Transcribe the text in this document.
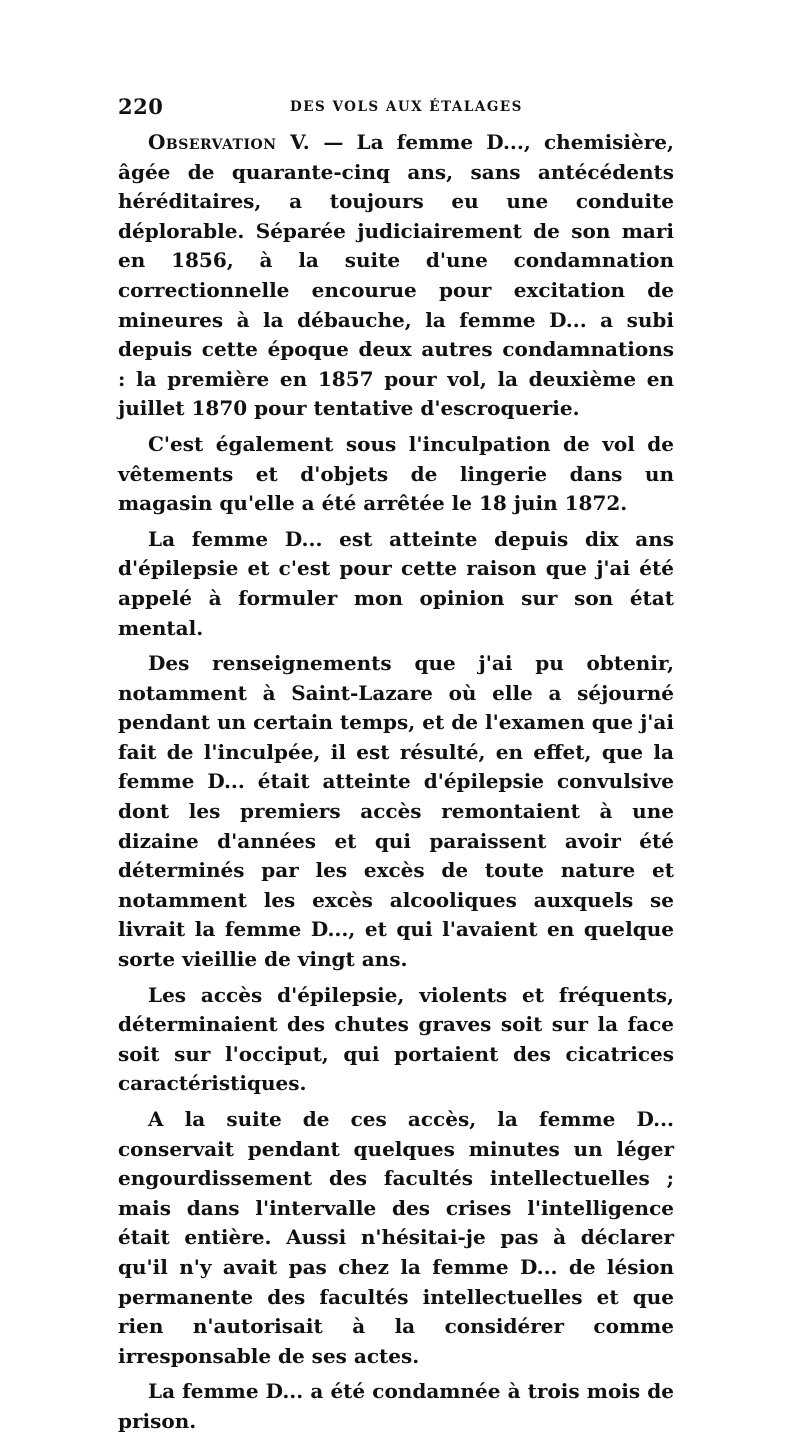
220	DES VOLS AUX ÉTALAGES

Observation V. — La femme D..., chemisière, âgée de quarante-cinq ans, sans antécédents héréditaires, a toujours eu une conduite déplorable. Séparée judiciairement de son mari en 1856, à la suite d'une condamnation correctionnelle encourue pour excitation de mineures à la débauche, la femme D... a subi depuis cette époque deux autres condamnations : la première en 1857 pour vol, la deuxième en juillet 1870 pour tentative d'escroquerie.

C'est également sous l'inculpation de vol de vêtements et d'objets de lingerie dans un magasin qu'elle a été arrêtée le 18 juin 1872.

La femme D... est atteinte depuis dix ans d'épilepsie et c'est pour cette raison que j'ai été appelé à formuler mon opinion sur son état mental.

Des renseignements que j'ai pu obtenir, notamment à Saint-Lazare où elle a séjourné pendant un certain temps, et de l'examen que j'ai fait de l'inculpée, il est résulté, en effet, que la femme D... était atteinte d'épilepsie convulsive dont les premiers accès remontaient à une dizaine d'années et qui paraissent avoir été déterminés par les excès de toute nature et notamment les excès alcooliques auxquels se livrait la femme D..., et qui l'avaient en quelque sorte vieillie de vingt ans.

Les accès d'épilepsie, violents et fréquents, déterminaient des chutes graves soit sur la face soit sur l'occiput, qui portaient des cicatrices caractéristiques.

A la suite de ces accès, la femme D... conservait pendant quelques minutes un léger engourdissement des facultés intellectuelles ; mais dans l'intervalle des crises l'intelligence était entière. Aussi n'hésitai-je pas à déclarer qu'il n'y avait pas chez la femme D... de lésion permanente des facultés intellectuelles et que rien n'autorisait à la considérer comme irresponsable de ses actes.

La femme D... a été condamnée à trois mois de prison.
